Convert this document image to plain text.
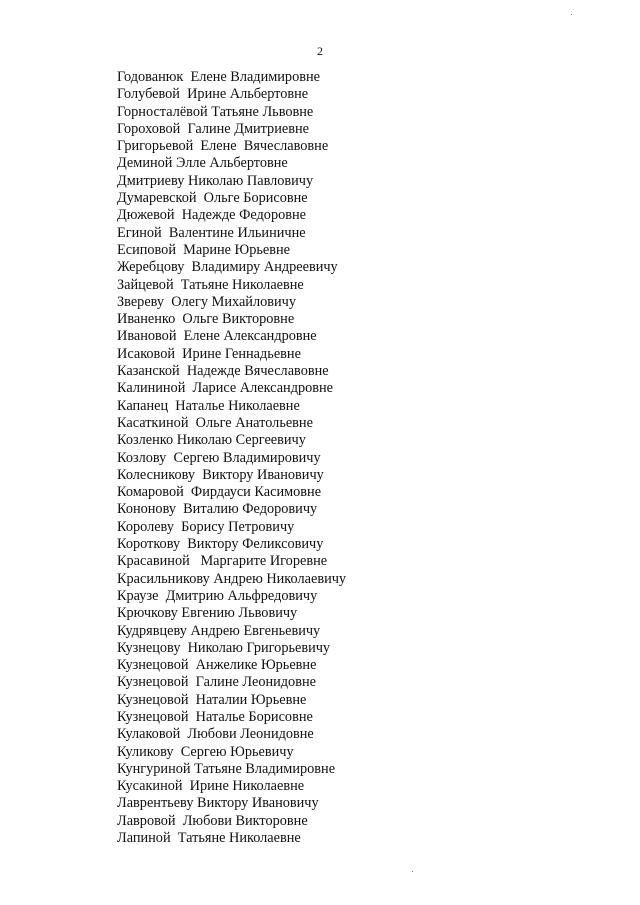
2
Годованюк  Елене Владимировне
Голубевой  Ирине Альбертовне
Горносталёвой Татьяне Львовне
Гороховой  Галине Дмитриевне
Григорьевой  Елене  Вячеславовне
Деминой Элле Альбертовне
Дмитриеву Николаю Павловичу
Думаревской  Ольге Борисовне
Дюжевой  Надежде Федоровне
Егиной  Валентине Ильиничне
Есиповой  Марине Юрьевне
Жеребцову  Владимиру Андреевичу
Зайцевой  Татьяне Николаевне
Звереву  Олегу Михайловичу
Иваненко  Ольге Викторовне
Ивановой  Елене Александровне
Исаковой  Ирине Геннадьевне
Казанской  Надежде Вячеславовне
Калининой  Ларисе Александровне
Капанец  Наталье Николаевне
Касаткиной  Ольге Анатольевне
Козленко Николаю Сергеевичу
Козлову  Сергею Владимировичу
Колесникову  Виктору Ивановичу
Комаровой  Фирдауси Касимовне
Кононову  Виталию Федоровичу
Королеву  Борису Петровичу
Короткову  Виктору Феликсовичу
Красавиной   Маргарите Игоревне
Красильникову Андрею Николаевичу
Краузе  Дмитрию Альфредовичу
Крючкову Евгению Львовичу
Кудрявцеву Андрею Евгеньевичу
Кузнецову  Николаю Григорьевичу
Кузнецовой  Анжелике Юрьевне
Кузнецовой  Галине Леонидовне
Кузнецовой  Наталии Юрьевне
Кузнецовой  Наталье Борисовне
Кулаковой  Любови Леонидовне
Куликову  Сергею Юрьевичу
Кунгуриной Татьяне Владимировне
Кусакиной  Ирине Николаевне
Лаврентьеву Виктору Ивановичу
Лавровой  Любови Викторовне
Лапиной  Татьяне Николаевне
